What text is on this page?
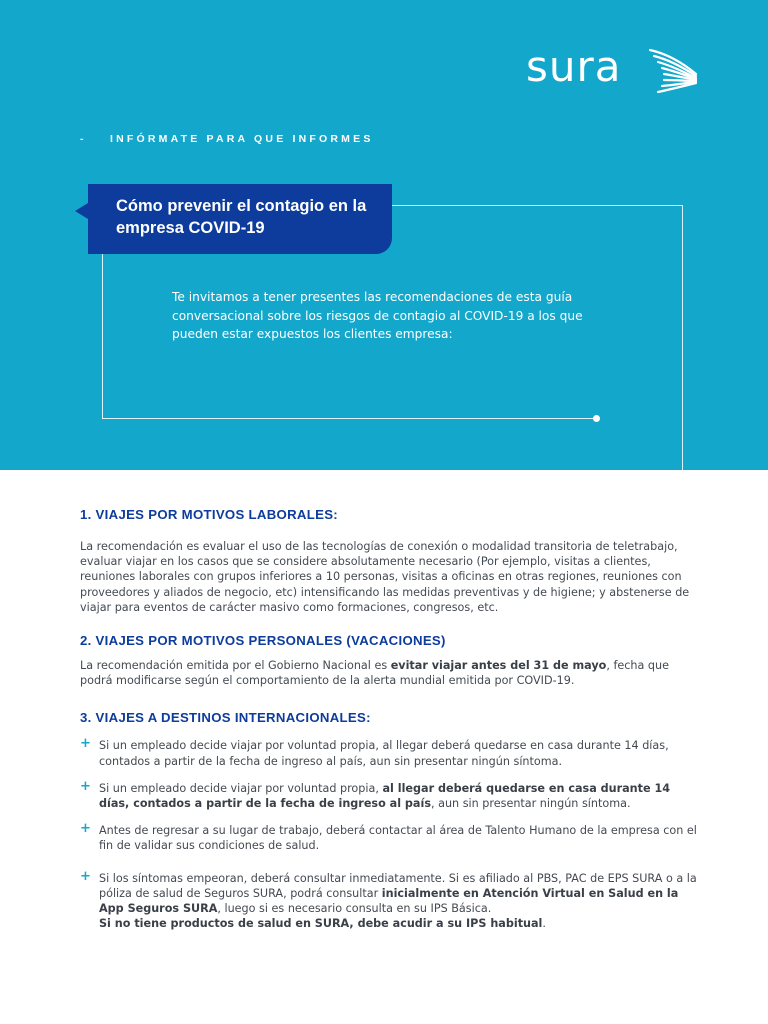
sura
- INFÓRMATE PARA QUE INFORMES
Cómo prevenir el contagio en la empresa COVID-19
Te invitamos a tener presentes las recomendaciones de esta guía conversacional sobre los riesgos de contagio al COVID-19 a los que pueden estar expuestos los clientes empresa:
1. VIAJES POR MOTIVOS LABORALES:

La recomendación es evaluar el uso de las tecnologías de conexión o modalidad transitoria de teletrabajo, evaluar viajar en los casos que se considere absolutamente necesario (Por ejemplo, visitas a clientes, reuniones laborales con grupos inferiores a 10 personas, visitas a oficinas en otras regiones, reuniones con proveedores y aliados de negocio, etc) intensificando las medidas preventivas y de higiene; y abstenerse de viajar para eventos de carácter masivo como formaciones, congresos, etc.

2. VIAJES POR MOTIVOS PERSONALES (VACACIONES)

La recomendación emitida por el Gobierno Nacional es evitar viajar antes del 31 de mayo, fecha que podrá modificarse según el comportamiento de la alerta mundial emitida por COVID-19.

3. VIAJES A DESTINOS INTERNACIONALES:
+ Si un empleado decide viajar por voluntad propia, al llegar deberá quedarse en casa durante 14 días, contados a partir de la fecha de ingreso al país, aun sin presentar ningún síntoma.
+ Si un empleado decide viajar por voluntad propia, al llegar deberá quedarse en casa durante 14 días, contados a partir de la fecha de ingreso al país, aun sin presentar ningún síntoma.
+ Antes de regresar a su lugar de trabajo, deberá contactar al área de Talento Humano de la empresa con el fin de validar sus condiciones de salud.
+ Si los síntomas empeoran, deberá consultar inmediatamente. Si es afiliado al PBS, PAC de EPS SURA o a la póliza de salud de Seguros SURA, podrá consultar inicialmente en Atención Virtual en Salud en la App Seguros SURA, luego si es necesario consulta en su IPS Básica.
Si no tiene productos de salud en SURA, debe acudir a su IPS habitual.
